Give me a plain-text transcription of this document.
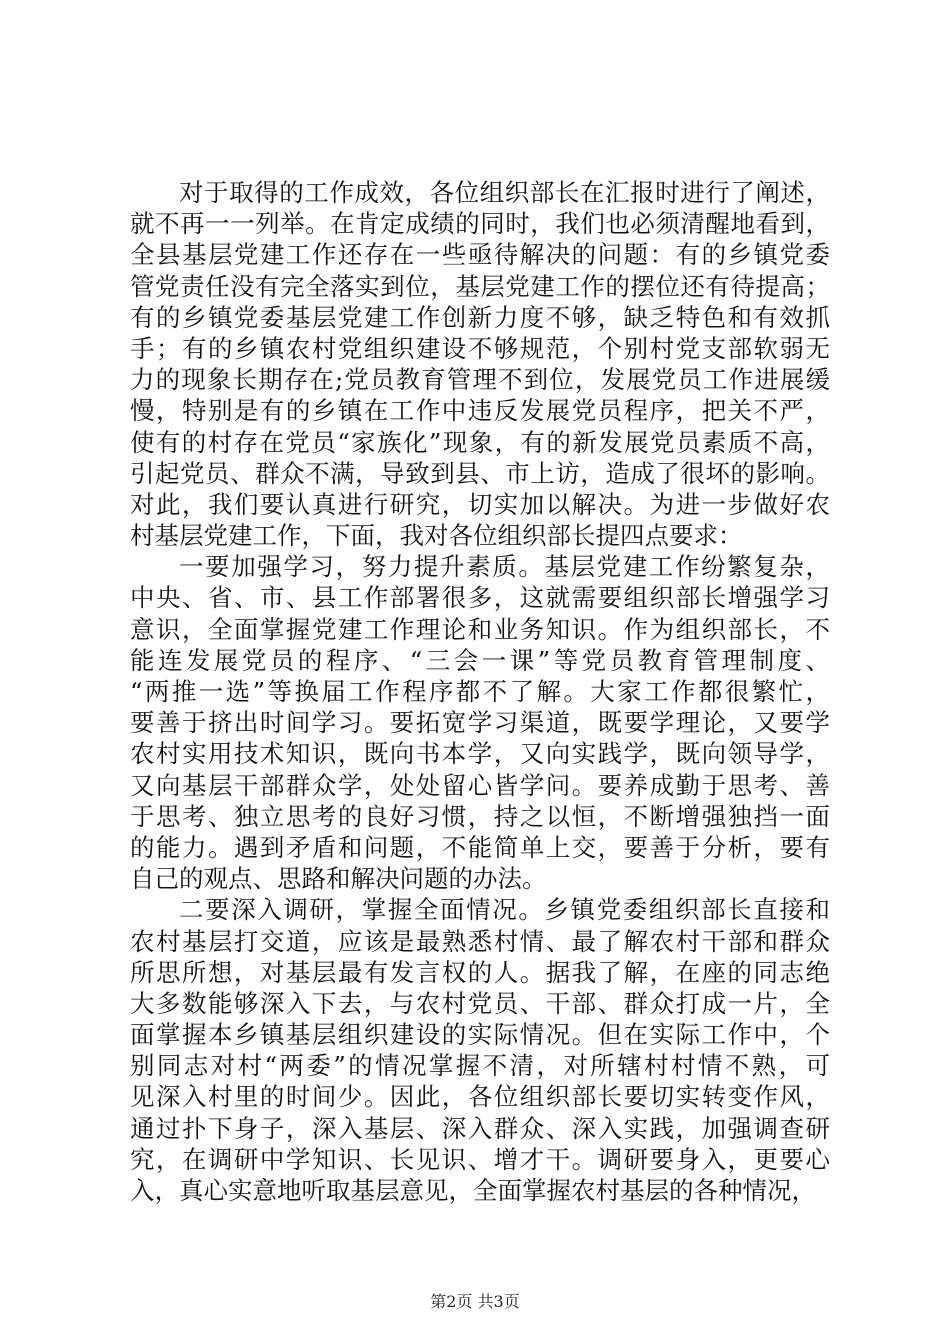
对于取得的工作成效，各位组织部长在汇报时进行了阐述，
就不再一一列举。在肯定成绩的同时，我们也必须清醒地看到，
全县基层党建工作还存在一些亟待解决的问题：有的乡镇党委
管党责任没有完全落实到位，基层党建工作的摆位还有待提高；
有的乡镇党委基层党建工作创新力度不够，缺乏特色和有效抓
手；有的乡镇农村党组织建设不够规范，个别村党支部软弱无
力的现象长期存在;党员教育管理不到位，发展党员工作进展缓
慢，特别是有的乡镇在工作中违反发展党员程序，把关不严，
使有的村存在党员“家族化”现象，有的新发展党员素质不高，
引起党员、群众不满，导致到县、市上访，造成了很坏的影响。
对此，我们要认真进行研究，切实加以解决。为进一步做好农
村基层党建工作，下面，我对各位组织部长提四点要求：
一要加强学习，努力提升素质。基层党建工作纷繁复杂，
中央、省、市、县工作部署很多，这就需要组织部长增强学习
意识，全面掌握党建工作理论和业务知识。作为组织部长，不
能连发展党员的程序、“三会一课”等党员教育管理制度、
“两推一选”等换届工作程序都不了解。大家工作都很繁忙，
要善于挤出时间学习。要拓宽学习渠道，既要学理论，又要学
农村实用技术知识，既向书本学，又向实践学，既向领导学，
又向基层干部群众学，处处留心皆学问。要养成勤于思考、善
于思考、独立思考的良好习惯，持之以恒，不断增强独挡一面
的能力。遇到矛盾和问题，不能简单上交，要善于分析，要有
自己的观点、思路和解决问题的办法。
二要深入调研，掌握全面情况。乡镇党委组织部长直接和
农村基层打交道，应该是最熟悉村情、最了解农村干部和群众
所思所想，对基层最有发言权的人。据我了解，在座的同志绝
大多数能够深入下去，与农村党员、干部、群众打成一片，全
面掌握本乡镇基层组织建设的实际情况。但在实际工作中，个
别同志对村“两委”的情况掌握不清，对所辖村村情不熟，可
见深入村里的时间少。因此，各位组织部长要切实转变作风，
通过扑下身子，深入基层、深入群众、深入实践，加强调查研
究，在调研中学知识、长见识、增才干。调研要身入，更要心
入，真心实意地听取基层意见，全面掌握农村基层的各种情况，
第2页 共3页
